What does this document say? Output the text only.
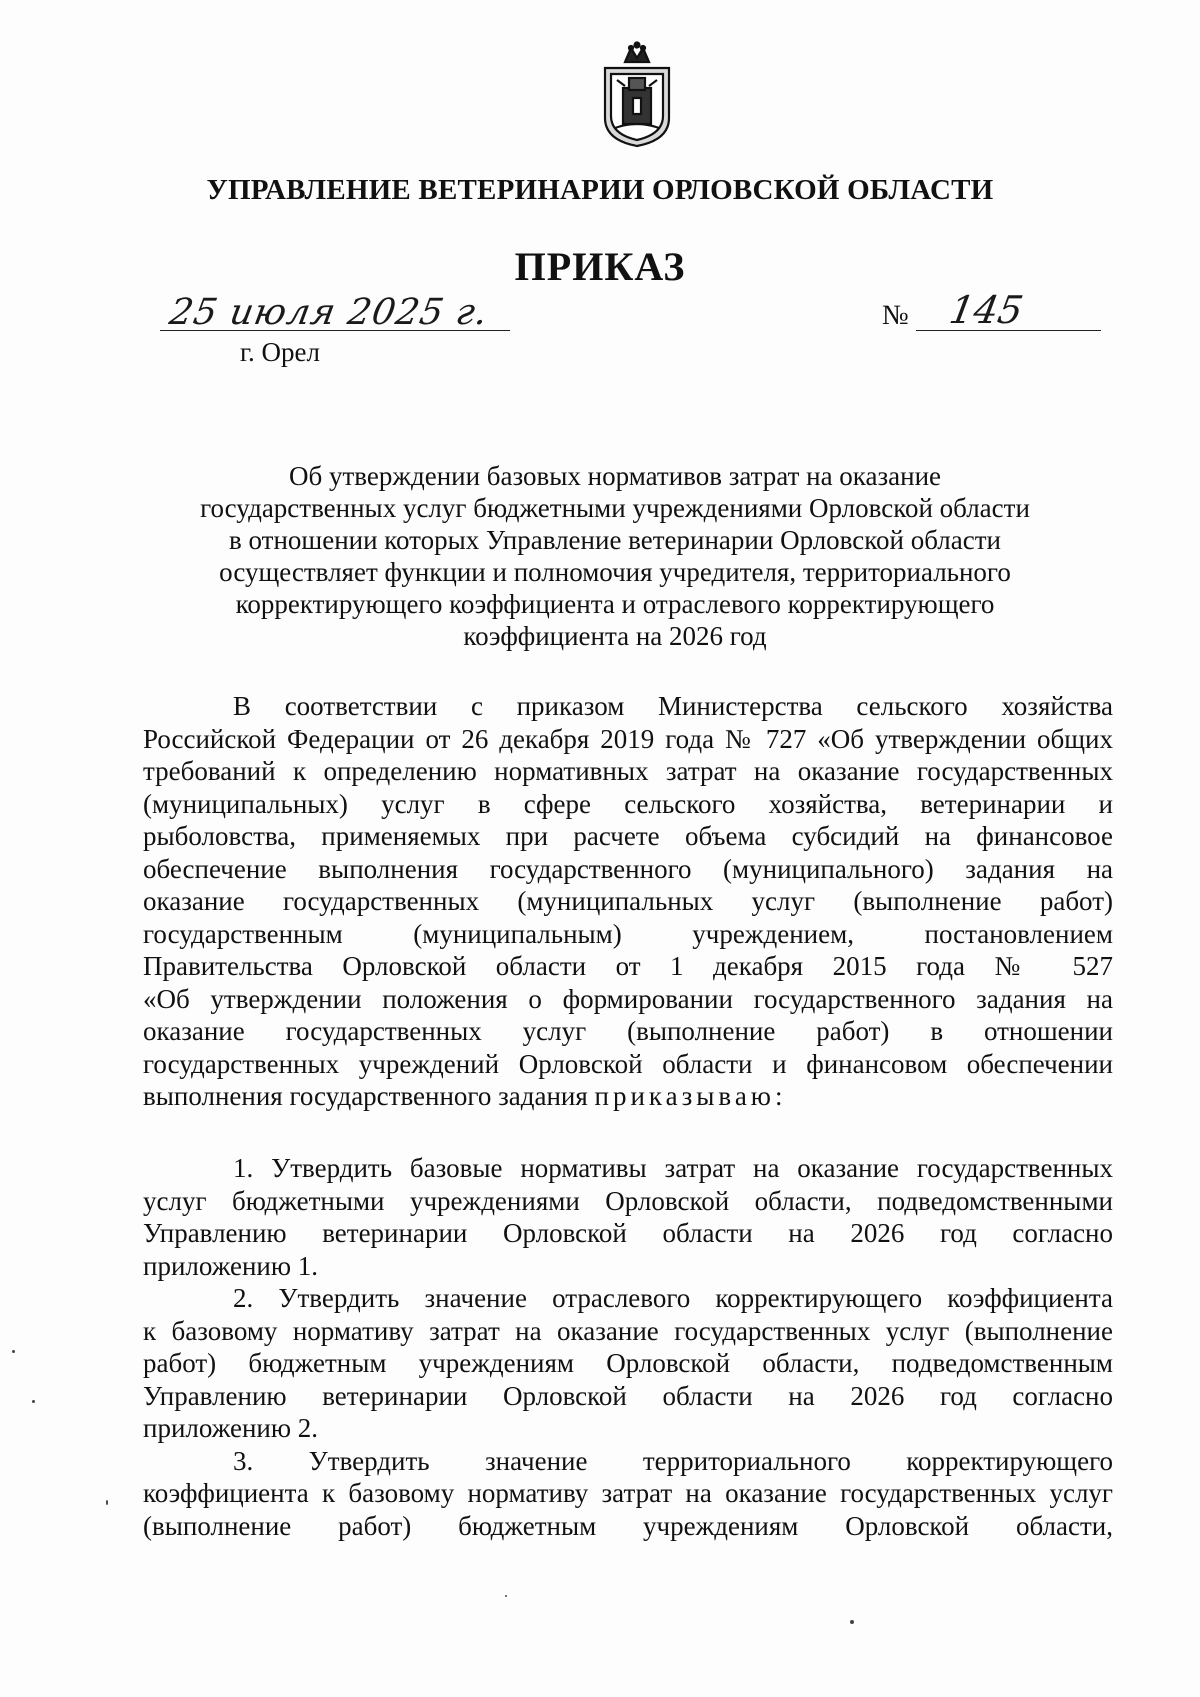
УПРАВЛЕНИЕ ВЕТЕРИНАРИИ ОРЛОВСКОЙ ОБЛАСТИ
ПРИКАЗ
25 июля 2025 г.	№ 145
г. Орел
Об утверждении базовых нормативов затрат на оказание
государственных услуг бюджетными учреждениями Орловской области
в отношении которых Управление ветеринарии Орловской области
осуществляет функции и полномочия учредителя, территориального
корректирующего коэффициента и отраслевого корректирующего
коэффициента на 2026 год
В соответствии с приказом Министерства сельского хозяйства
Российской Федерации от 26 декабря 2019 года № 727 «Об утверждении общих
требований к определению нормативных затрат на оказание государственных
(муниципальных) услуг в сфере сельского хозяйства, ветеринарии и
рыболовства, применяемых при расчете объема субсидий на финансовое
обеспечение выполнения государственного (муниципального) задания на
оказание государственных (муниципальных услуг (выполнение работ)
государственным (муниципальным) учреждением, постановлением
Правительства Орловской области от 1 декабря 2015 года № 527
«Об утверждении положения о формировании государственного задания на
оказание государственных услуг (выполнение работ) в отношении
государственных учреждений Орловской области и финансовом обеспечении
выполнения государственного задания приказываю:
1. Утвердить базовые нормативы затрат на оказание государственных
услуг бюджетными учреждениями Орловской области, подведомственными
Управлению ветеринарии Орловской области на 2026 год согласно
приложению 1.
2. Утвердить значение отраслевого корректирующего коэффициента
к базовому нормативу затрат на оказание государственных услуг (выполнение
работ) бюджетным учреждениям Орловской области, подведомственным
Управлению ветеринарии Орловской области на 2026 год согласно
приложению 2.
3. Утвердить значение территориального корректирующего
коэффициента к базовому нормативу затрат на оказание государственных услуг
(выполнение работ) бюджетным учреждениям Орловской области,
